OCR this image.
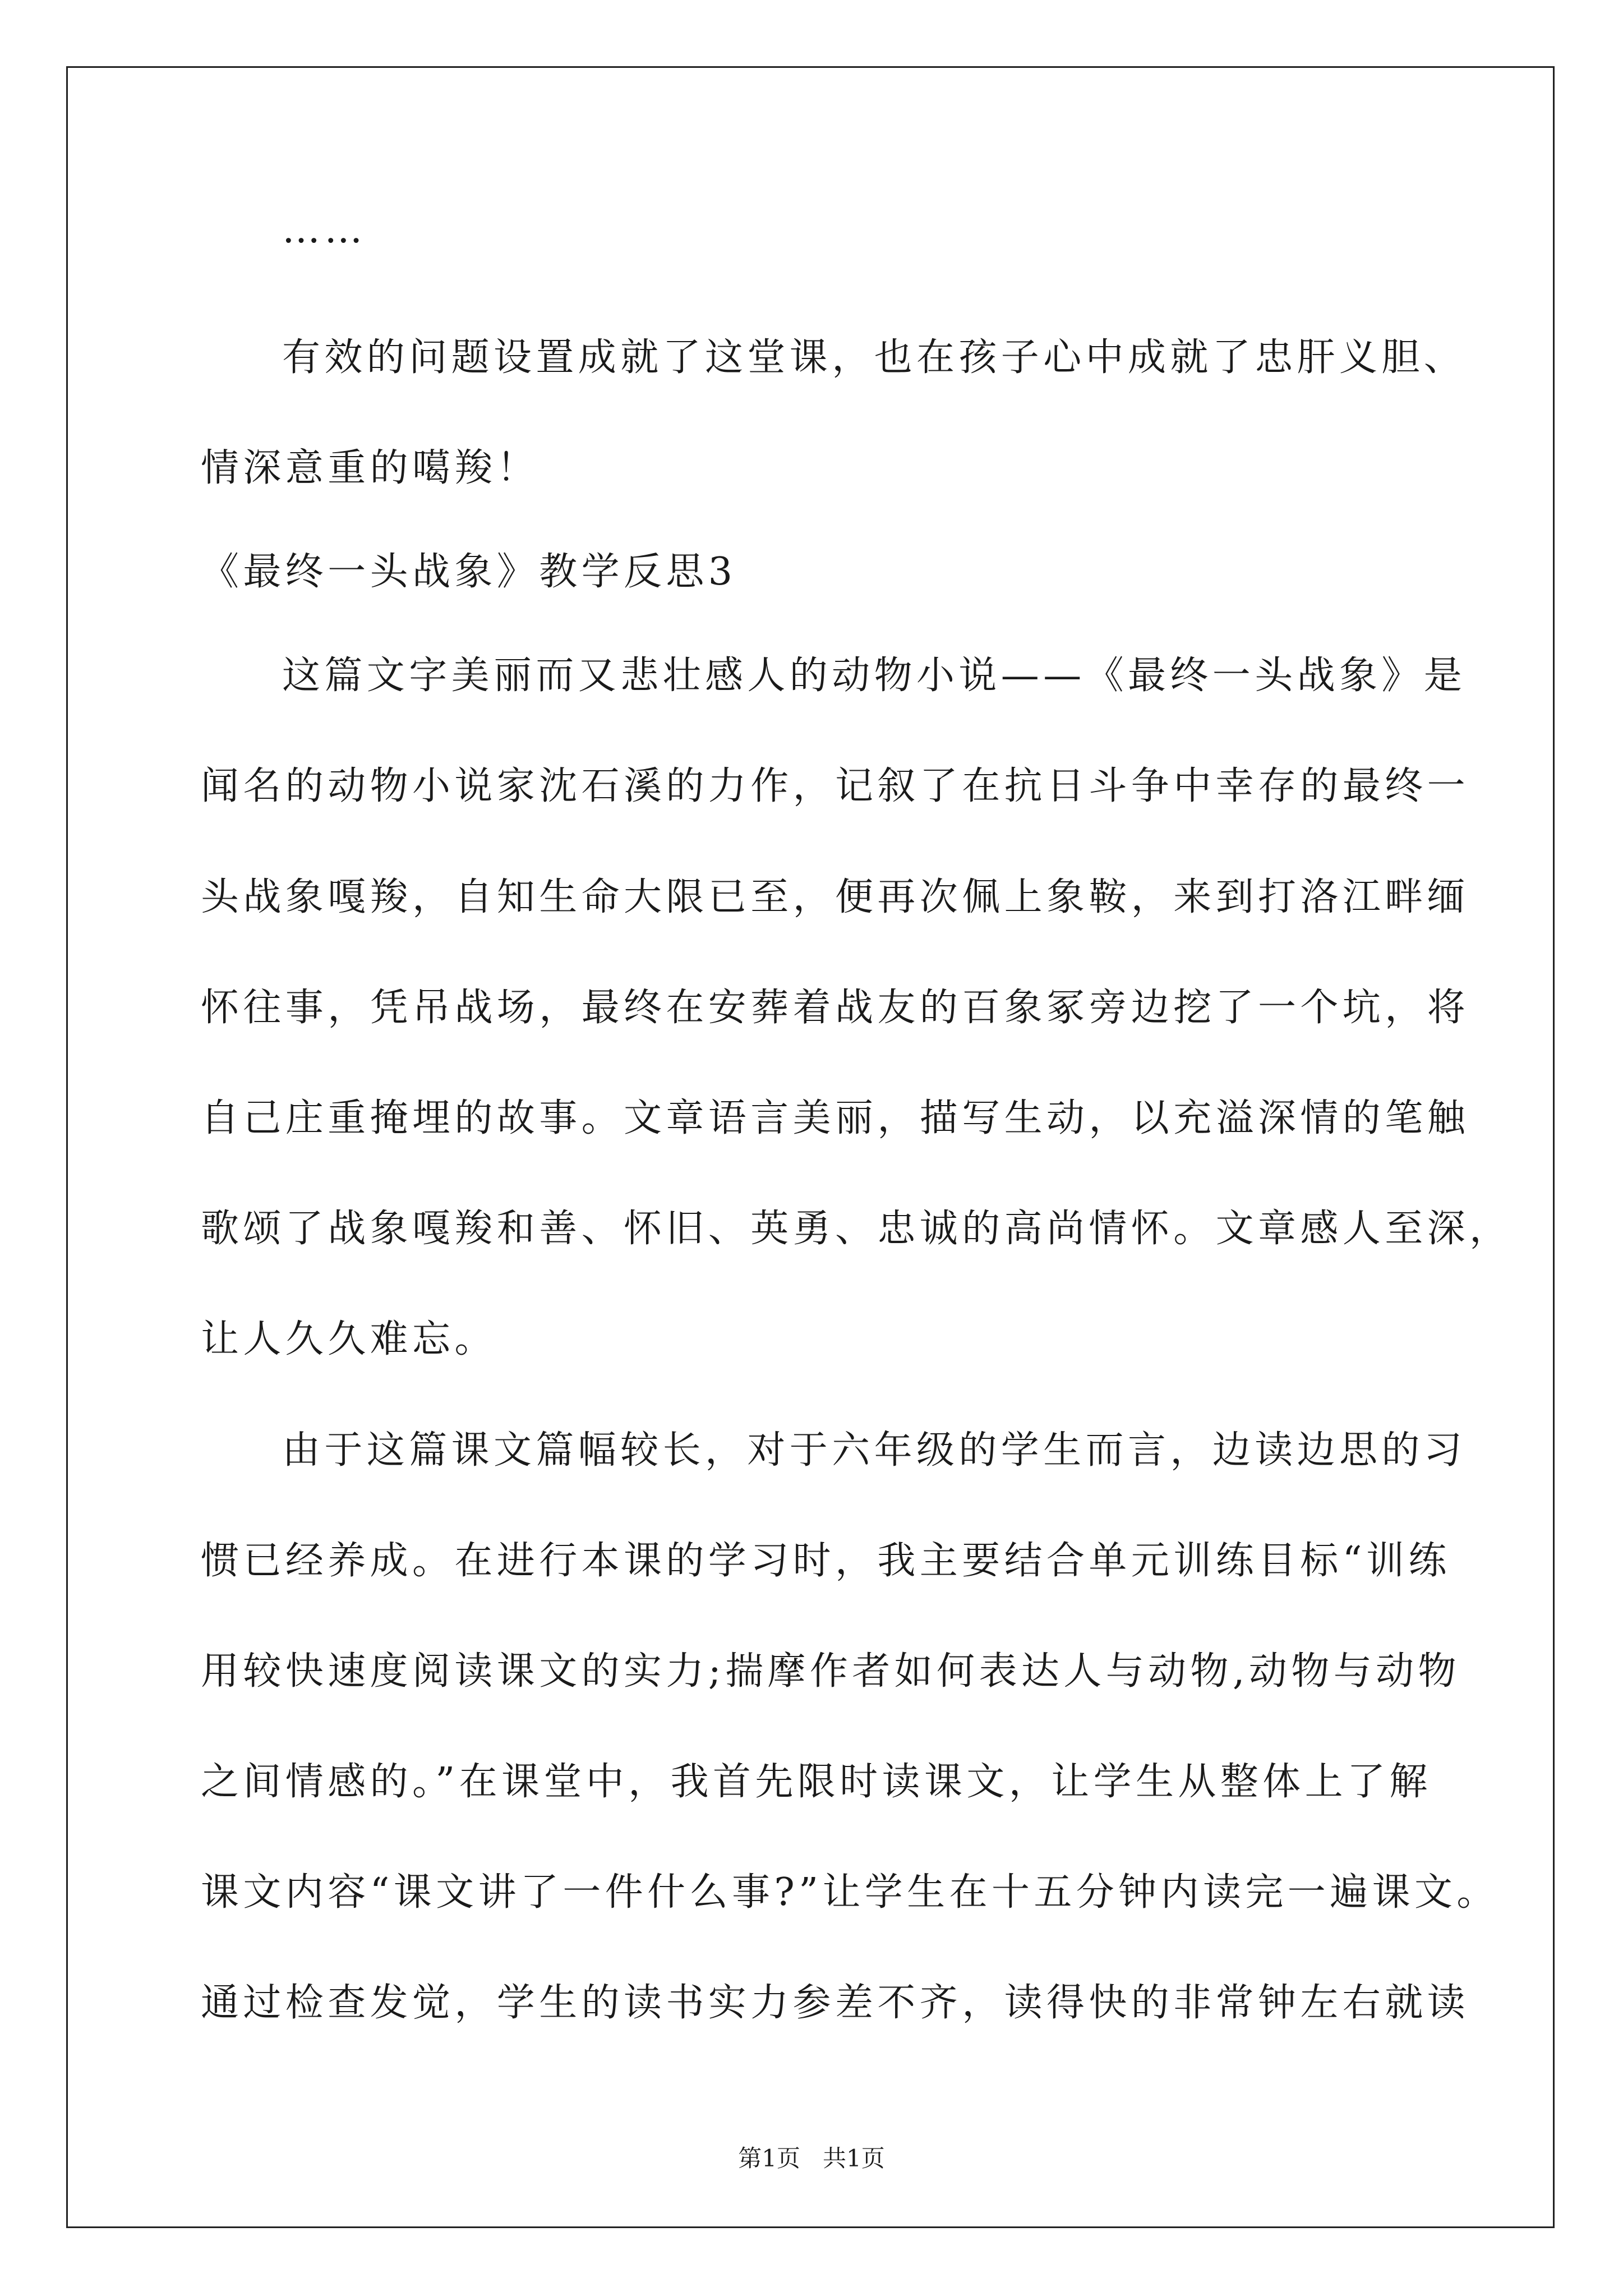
……
有效的问题设置成就了这堂课，也在孩子心中成就了忠肝义胆、
情深意重的噶羧！
《最终一头战象》教学反思3
这篇文字美丽而又悲壮感人的动物小说——《最终一头战象》是
闻名的动物小说家沈石溪的力作，记叙了在抗日斗争中幸存的最终一
头战象嘎羧，自知生命大限已至，便再次佩上象鞍，来到打洛江畔缅
怀往事，凭吊战场，最终在安葬着战友的百象冢旁边挖了一个坑，将
自己庄重掩埋的故事。文章语言美丽，描写生动，以充溢深情的笔触
歌颂了战象嘎羧和善、怀旧、英勇、忠诚的高尚情怀。文章感人至深，
让人久久难忘。
由于这篇课文篇幅较长，对于六年级的学生而言，边读边思的习
惯已经养成。在进行本课的学习时，我主要结合单元训练目标“训练
用较快速度阅读课文的实力;揣摩作者如何表达人与动物,动物与动物
之间情感的。”在课堂中，我首先限时读课文，让学生从整体上了解
课文内容“课文讲了一件什么事?”让学生在十五分钟内读完一遍课文。
通过检查发觉，学生的读书实力参差不齐，读得快的非常钟左右就读
第1页   共1页
